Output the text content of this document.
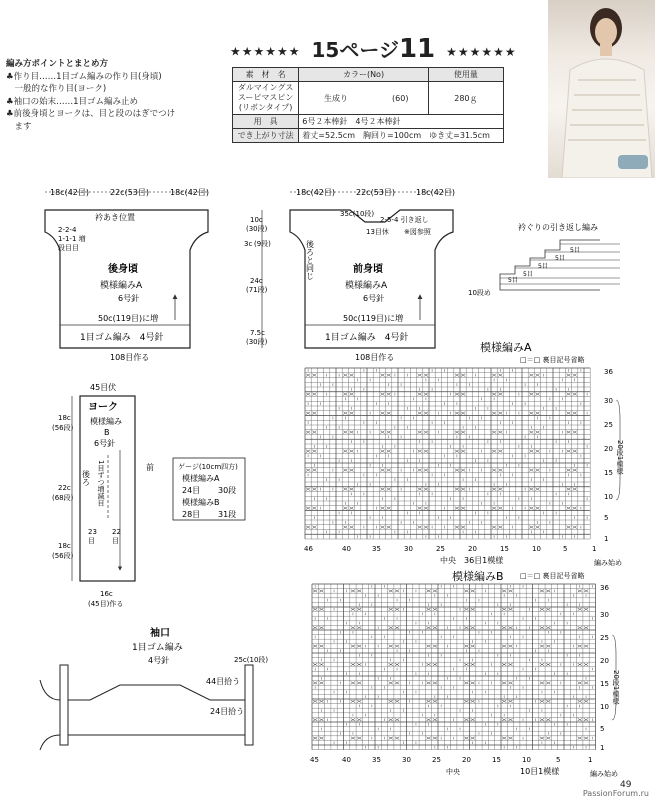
編み方ポイントとまとめ方
♣作り目……1目ゴム編みの作り目(身頃)
　一般的な作り目(ヨーク)
♣袖口の始末……1目ゴム編み止め
♣前後身頃とヨークは、目と段のはぎでつけ
　ます
★★★★★★ 15ページ11 ★★★★★★
素　材　名	カラー(No)		使用量

ダルマイングス
スーピマスピン
(リボンタイプ)	生成り	(60)	280ｇ
用　具	6号２本棒針　4号２本棒針		
でき上がり寸法	着丈=52.5cm　胸回り=100cm　ゆき丈=31.5cm		
18c(42目)	22c(53目)	18c(42目)
衿あき位置
2-2-4
1-1-1 増
段目目
後身頃
模様編みA
6号針
50c(119目)に増
1目ゴム編み　4号針
108目作る
10c
(30段)
3c (9段)
24c
(71段)
7.5c
(30段)
18c(42目)	22c(53目)	18c(42目)
35c(10段)
2-5-4 引き返し
13目休 ※図参照
後ろと同じ	前身頃
模様編みA
6号針
50c(119目)に増
1目ゴム編み　4号針
108目作る
衿ぐりの引き返し編み
5目
5目
5目
5目
5目
10段め
45目伏
ヨーク
模様編み
B
6号針
18c
(56段)
22c
(68段)
18c
(56段)
後ろ
前
1目ずつ増減目
23
目
22
目
16c
(45目)作る
ゲージ(10cm四方)
模様編みA
24目 30段
模様編みB
28目 31段
袖口
1目ゴム編み
4号針	25c(10段)
44目拾う
24目拾う
模様編みA
□＝□ 裏目記号省略
36
30
25
20
15
10
5
1
20段1模様
46	40	35	30	25	20	15	10	5	1
中央　36目1模様	編み始め
模様編みB □＝□ 裏目記号省略
36
30
25
20
15
10
5
1
20段1模様
45	40	35	30	25	20	15	10	5	1
中央	10目1模様	編み始め
49
PassionForum.ru
